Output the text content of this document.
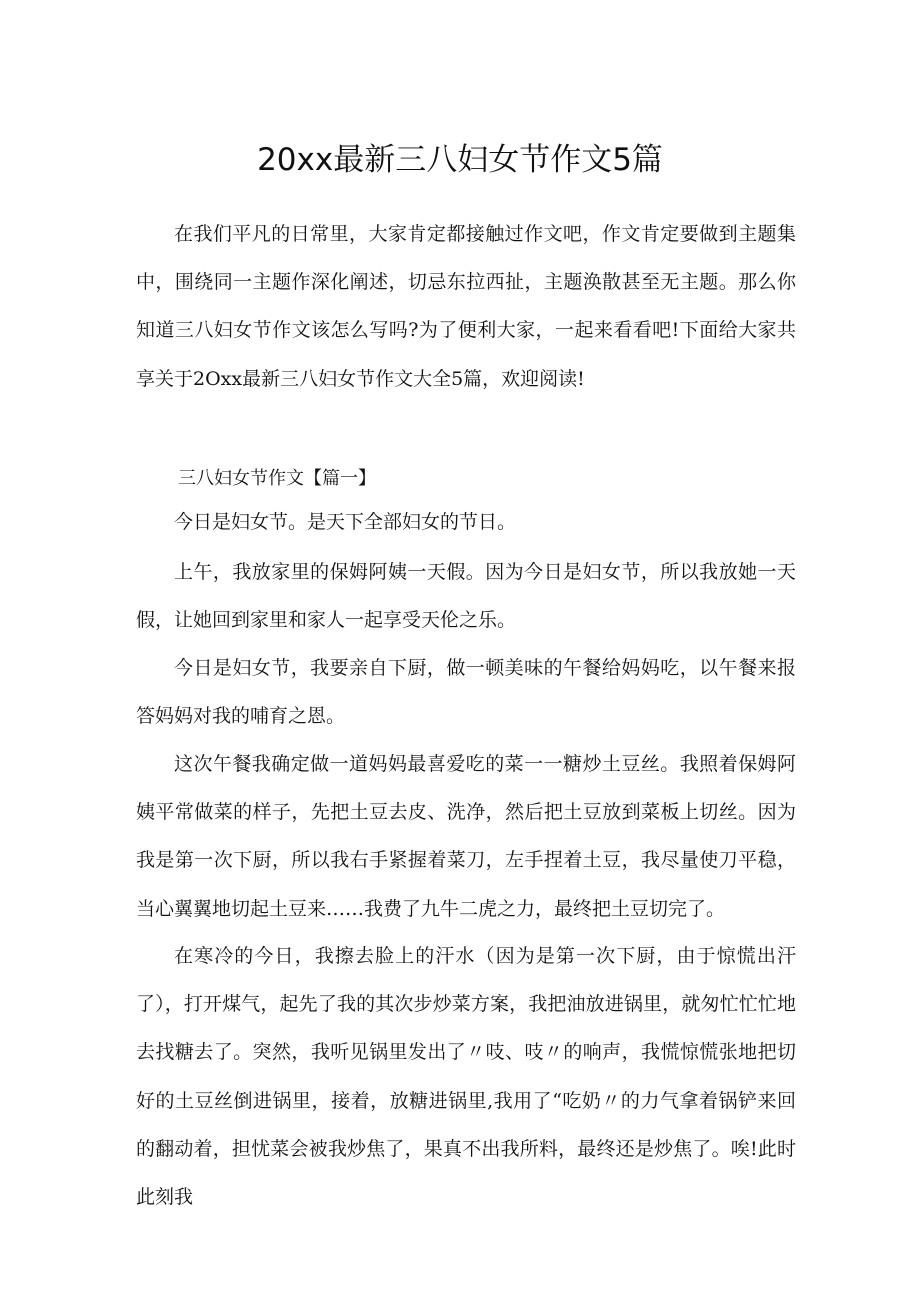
20xx最新三八妇女节作文5篇
在我们平凡的日常里，大家肯定都接触过作文吧，作文肯定要做到主题集中，围绕同一主题作深化阐述，切忌东拉西扯，主题涣散甚至无主题。那么你知道三八妇女节作文该怎么写吗?为了便利大家，一起来看看吧!下面给大家共享关于2Oxx最新三八妇女节作文大全5篇，欢迎阅读!
三八妇女节作文【篇一】
今日是妇女节。是天下全部妇女的节日。
上午，我放家里的保姆阿姨一天假。因为今日是妇女节，所以我放她一天假，让她回到家里和家人一起享受天伦之乐。
今日是妇女节，我要亲自下厨，做一顿美味的午餐给妈妈吃，以午餐来报答妈妈对我的哺育之恩。
这次午餐我确定做一道妈妈最喜爱吃的菜一一糖炒土豆丝。我照着保姆阿姨平常做菜的样子，先把土豆去皮、洗净，然后把土豆放到菜板上切丝。因为我是第一次下厨，所以我右手紧握着菜刀，左手捏着土豆，我尽量使刀平稳，当心翼翼地切起土豆来……我费了九牛二虎之力，最终把土豆切完了。
在寒冷的今日，我擦去脸上的汗水（因为是第一次下厨，由于惊慌出汗了），打开煤气，起先了我的其次步炒菜方案，我把油放进锅里，就匆忙忙忙地去找糖去了。突然，我听见锅里发出了〃吱、吱〃的响声，我慌惊慌张地把切好的土豆丝倒进锅里，接着，放糖进锅里,我用了“吃奶〃的力气拿着锅铲来回的翻动着，担忧菜会被我炒焦了，果真不出我所料，最终还是炒焦了。唉!此时此刻我
